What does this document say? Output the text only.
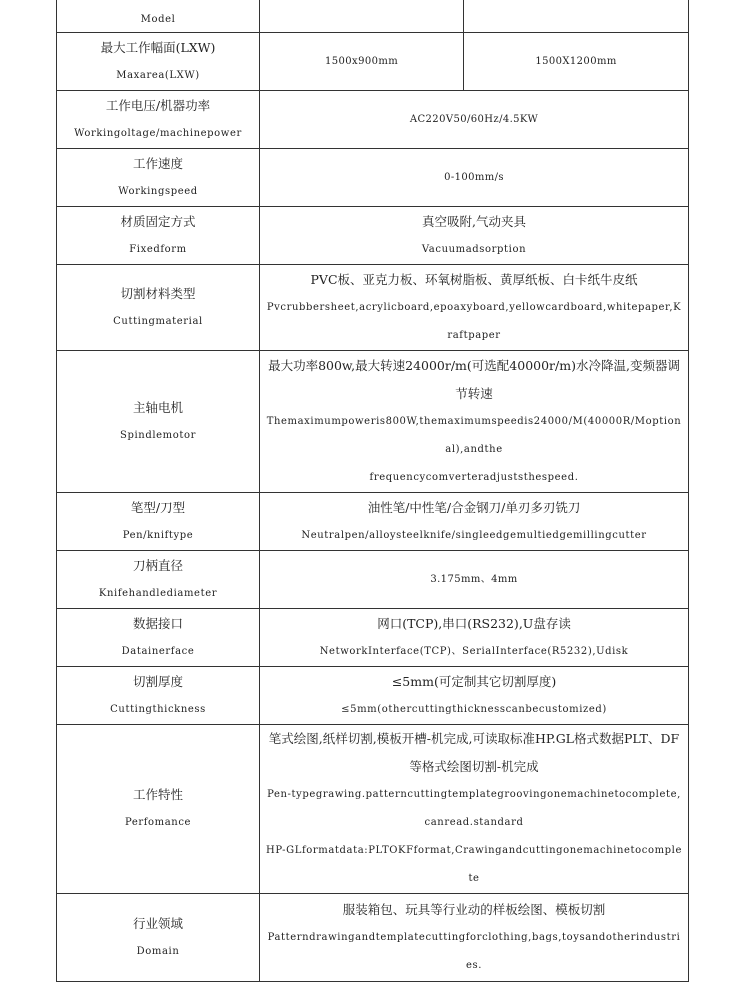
Model

最大工作幅面(LXW)
Maxarea(LXW)	1500x900mm	1500X1200mm

工作电压/机器功率
Workingoltage/machinepower	AC220V50/60Hz/4.5KW	

工作速度
Workingspeed	0-100mm/s	

材质固定方式
Fixedform	真空吸附,气动夹具
Vacuumadsorption	

切割材料类型
Cuttingmaterial	PVC板、亚克力板、环氧树脂板、黄厚纸板、白卡纸牛皮纸
Pvcrubbersheet,acrylicboard,epoaxyboard,yellowcardboard,whitepaper,Kraftpaper	

主轴电机
Spindlemotor	最大功率800w,最大转速24000r/m(可选配40000r/m)水冷降温,变频器调节转速
Themaximumpoweris800W,themaximumspeedis24000/M(40000R/Moptional),andthe
frequencycomverteradjuststhespeed.	

笔型/刀型
Pen/kniftype	油性笔/中性笔/合金钢刀/单刃多刃铣刀
Neutralpen/alloysteelknife/singleedgemultiedgemillingcutter	

刀柄直径
Knifehandlediameter	3.175mm、4mm	

数据接口
Datainerface	网口(TCP),串口(RS232),U盘存读
NetworkInterface(TCP)、SerialInterface(R5232),Udisk	

切割厚度
Cuttingthickness	≤5mm(可定制其它切割厚度)
≤5mm(othercuttingthicknesscanbecustomized)	

工作特性
Perfomance	笔式绘图,纸样切割,模板开槽-机完成,可读取标准HP.GL格式数据PLT、DF等格式绘图切割-机完成
Pen-typegrawing.patterncuttingtemplategroovingonemachinetocomplete,canread.standard
HP-GLformatdata:PLTOKFformat,Crawingandcuttingonemachinetocomplete	

行业领域
Domain	服装箱包、玩具等行业动的样板绘图、模板切割
Patterndrawingandtemplatecuttingforclothing,bags,toysandotherindustries.	
